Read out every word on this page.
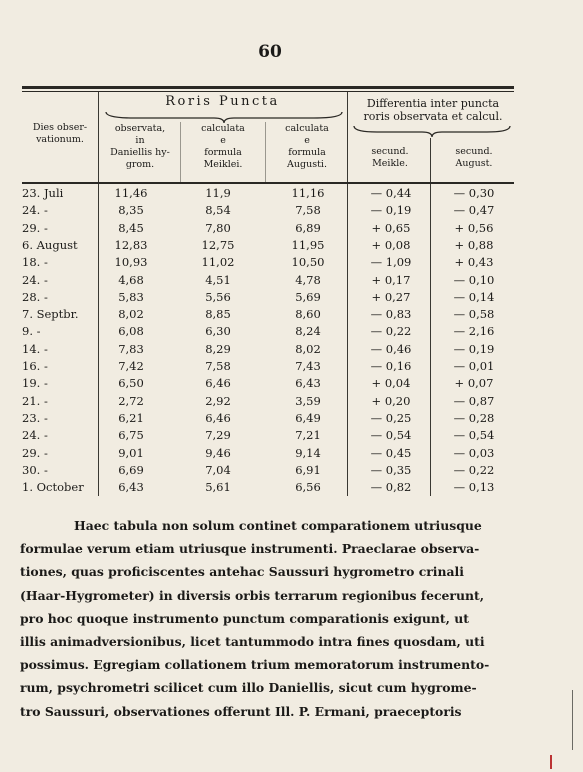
60
Dies obser-
vationum.
Roris Puncta	Differentia inter puncta
roris observata et calcul.
observata,
in
Daniellis hy-
grom.
calculata
e
formula
Meiklei.
calculata
e
formula
Augusti.
secund.
Meikle.
secund.
August.
23. Juli	11,46	11,9	11,16	— 0,44	— 0,30
24. -	8,35	8,54	7,58	— 0,19	— 0,47
29. -	8,45	7,80	6,89	+ 0,65	+ 0,56
6. August	12,83	12,75	11,95	+ 0,08	+ 0,88
18. -	10,93	11,02	10,50	— 1,09	+ 0,43
24. -	4,68	4,51	4,78	+ 0,17	— 0,10
28. -	5,83	5,56	5,69	+ 0,27	— 0,14
7. Septbr.	8,02	8,85	8,60	— 0,83	— 0,58
9. -	6,08	6,30	8,24	— 0,22	— 2,16
14. -	7,83	8,29	8,02	— 0,46	— 0,19
16. -	7,42	7,58	7,43	— 0,16	— 0,01
19. -	6,50	6,46	6,43	+ 0,04	+ 0,07
21. -	2,72	2,92	3,59	+ 0,20	— 0,87
23. -	6,21	6,46	6,49	— 0,25	— 0,28
24. -	6,75	7,29	7,21	— 0,54	— 0,54
29. -	9,01	9,46	9,14	— 0,45	— 0,03
30. -	6,69	7,04	6,91	— 0,35	— 0,22
1. October	6,43	5,61	6,56	— 0,82	— 0,13
Haec tabula non solum continet comparationem utriusque
formulae verum etiam utriusque instrumenti. Praeclarae observa-
tiones, quas proficiscentes antehac Saussuri hygrometro crinali
(Haar-Hygrometer) in diversis orbis terrarum regionibus fecerunt,
pro hoc quoque instrumento punctum comparationis exigunt, ut
illis animadversionibus, licet tantummodo intra fines quosdam, uti
possimus. Egregiam collationem trium memoratorum instrumento-
rum, psychrometri scilicet cum illo Daniellis, sicut cum hygrome-
tro Saussuri, observationes offerunt Ill. P. Ermani, praeceptoris
